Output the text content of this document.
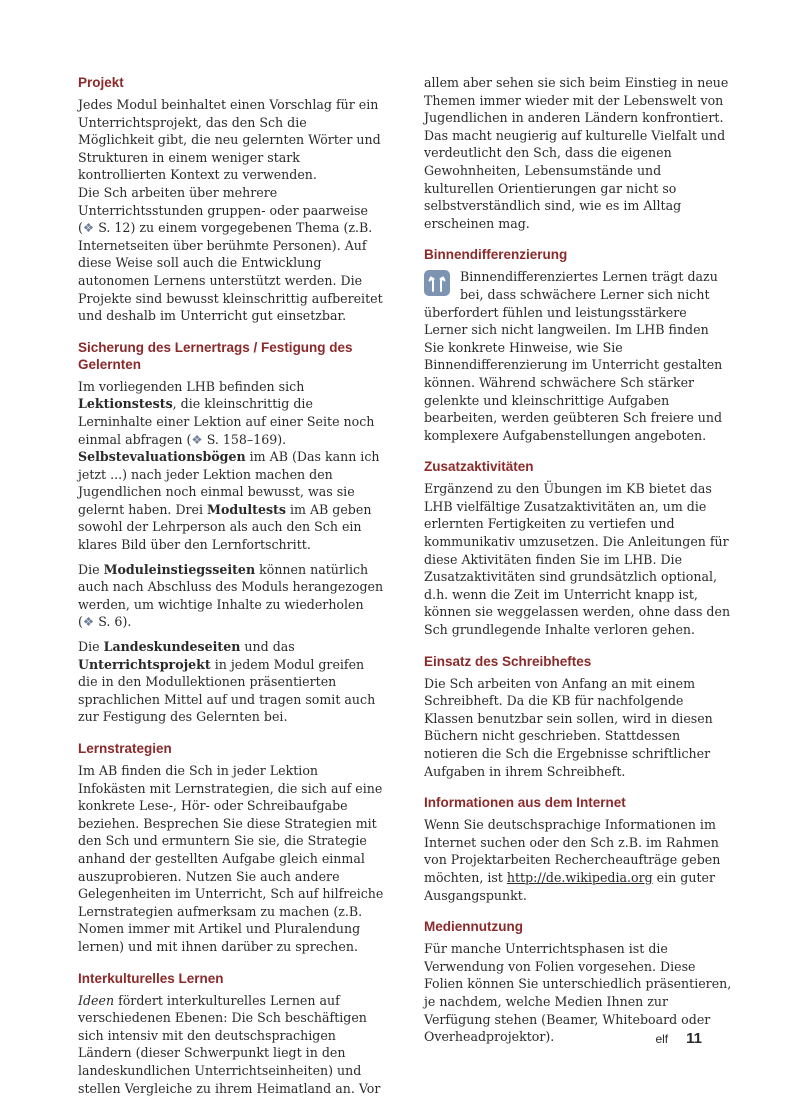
Projekt

Jedes Modul beinhaltet einen Vorschlag für ein Unterrichtsprojekt, das den Sch die Möglichkeit gibt, die neu gelernten Wörter und Strukturen in einem weniger stark kontrollierten Kontext zu verwenden.
Die Sch arbeiten über mehrere Unterrichtsstunden gruppen- oder paarweise (❖ S. 12) zu einem vorgegebenen Thema (z.B. Internetseiten über berühmte Personen). Auf diese Weise soll auch die Entwicklung autonomen Lernens unterstützt werden. Die Projekte sind bewusst kleinschrittig aufbereitet und deshalb im Unterricht gut einsetzbar.

Sicherung des Lernertrags / Festigung des Gelernten

Im vorliegenden LHB befinden sich Lektionstests, die kleinschrittig die Lerninhalte einer Lektion auf einer Seite noch einmal abfragen (❖ S. 158–169). Selbstevaluationsbögen im AB (Das kann ich jetzt ...) nach jeder Lektion machen den Jugendlichen noch einmal bewusst, was sie gelernt haben. Drei Modultests im AB geben sowohl der Lehrperson als auch den Sch ein klares Bild über den Lernfortschritt.

Die Moduleinstiegsseiten können natürlich auch nach Abschluss des Moduls herangezogen werden, um wichtige Inhalte zu wiederholen (❖ S. 6).

Die Landeskundeseiten und das Unterrichtsprojekt in jedem Modul greifen die in den Modullektionen präsentierten sprachlichen Mittel auf und tragen somit auch zur Festigung des Gelernten bei.

Lernstrategien

Im AB finden die Sch in jeder Lektion Infokästen mit Lernstrategien, die sich auf eine konkrete Lese-, Hör- oder Schreibaufgabe beziehen. Besprechen Sie diese Strategien mit den Sch und ermuntern Sie sie, die Strategie anhand der gestellten Aufgabe gleich einmal auszuprobieren. Nutzen Sie auch andere Gelegenheiten im Unterricht, Sch auf hilfreiche Lernstrategien aufmerksam zu machen (z.B. Nomen immer mit Artikel und Pluralendung lernen) und mit ihnen darüber zu sprechen.

Interkulturelles Lernen

Ideen fördert interkulturelles Lernen auf verschiedenen Ebenen: Die Sch beschäftigen sich intensiv mit den deutschsprachigen Ländern (dieser Schwerpunkt liegt in den landeskundlichen Unterrichtseinheiten) und stellen Vergleiche zu ihrem Heimatland an. Vor

allem aber sehen sie sich beim Einstieg in neue Themen immer wieder mit der Lebenswelt von Jugendlichen in anderen Ländern konfrontiert. Das macht neugierig auf kulturelle Vielfalt und verdeutlicht den Sch, dass die eigenen Gewohnheiten, Lebensumstände und kulturellen Orientierungen gar nicht so selbstverständlich sind, wie es im Alltag erscheinen mag.

Binnendifferenzierung

Binnendifferenziertes Lernen trägt dazu bei, dass schwächere Lerner sich nicht überfordert fühlen und leistungsstärkere Lerner sich nicht langweilen. Im LHB finden Sie konkrete Hinweise, wie Sie Binnendifferenzierung im Unterricht gestalten können. Während schwächere Sch stärker gelenkte und kleinschrittige Aufgaben bearbeiten, werden geübteren Sch freiere und komplexere Aufgabenstellungen angeboten.

Zusatzaktivitäten

Ergänzend zu den Übungen im KB bietet das LHB vielfältige Zusatzaktivitäten an, um die erlernten Fertigkeiten zu vertiefen und kommunikativ umzusetzen. Die Anleitungen für diese Aktivitäten finden Sie im LHB. Die Zusatzaktivitäten sind grundsätzlich optional, d.h. wenn die Zeit im Unterricht knapp ist, können sie weggelassen werden, ohne dass den Sch grundlegende Inhalte verloren gehen.

Einsatz des Schreibheftes

Die Sch arbeiten von Anfang an mit einem Schreibheft. Da die KB für nachfolgende Klassen benutzbar sein sollen, wird in diesen Büchern nicht geschrieben. Stattdessen notieren die Sch die Ergebnisse schriftlicher Aufgaben in ihrem Schreibheft.

Informationen aus dem Internet

Wenn Sie deutschsprachige Informationen im Internet suchen oder den Sch z.B. im Rahmen von Projektarbeiten Rechercheaufträge geben möchten, ist http://de.wikipedia.org ein guter Ausgangspunkt.

Mediennutzung

Für manche Unterrichtsphasen ist die Verwendung von Folien vorgesehen. Diese Folien können Sie unterschiedlich präsentieren, je nachdem, welche Medien Ihnen zur Verfügung stehen (Beamer, Whiteboard oder Overheadprojektor).	elf 11
